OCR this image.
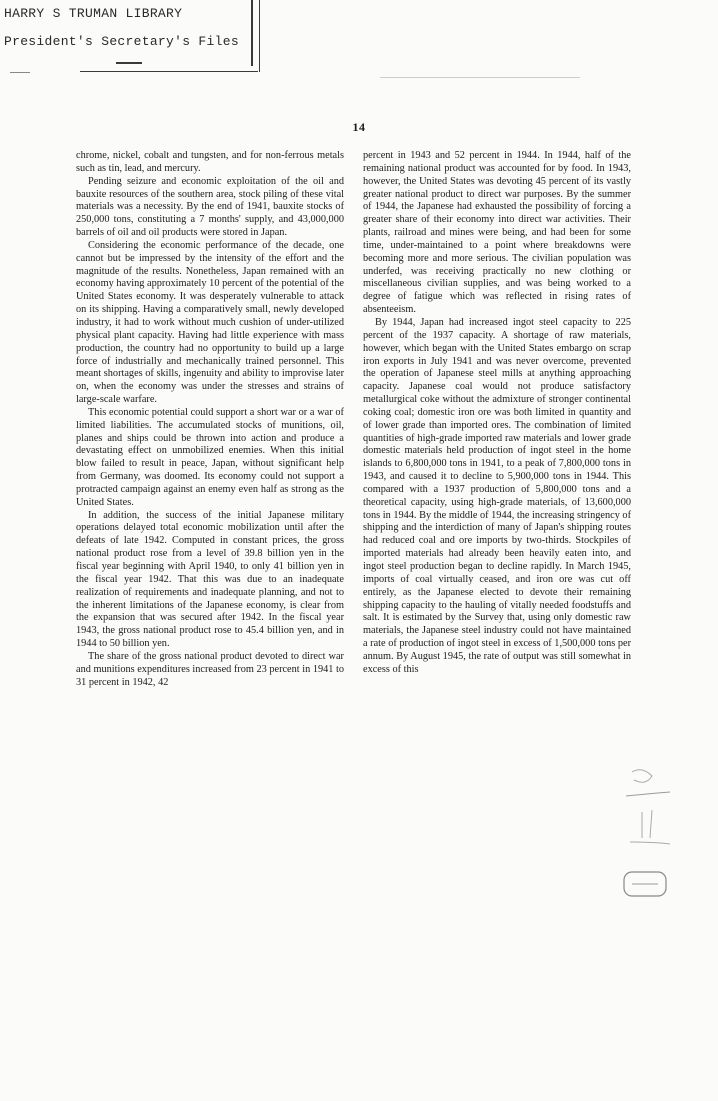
HARRY S TRUMAN LIBRARY
President's Secretary's Files
14

chrome, nickel, cobalt and tungsten, and for non-ferrous metals such as tin, lead, and mercury.

Pending seizure and economic exploitation of the oil and bauxite resources of the southern area, stock piling of these vital materials was a necessity. By the end of 1941, bauxite stocks of 250,000 tons, constituting a 7 months' supply, and 43,000,000 barrels of oil and oil products were stored in Japan.

Considering the economic performance of the decade, one cannot but be impressed by the intensity of the effort and the magnitude of the results. Nonetheless, Japan remained with an economy having approximately 10 percent of the potential of the United States economy. It was desperately vulnerable to attack on its shipping. Having a comparatively small, newly developed industry, it had to work without much cushion of under-utilized physical plant capacity. Having had little experience with mass production, the country had no opportunity to build up a large force of industrially and mechanically trained personnel. This meant shortages of skills, ingenuity and ability to improvise later on, when the economy was under the stresses and strains of large-scale warfare.

This economic potential could support a short war or a war of limited liabilities. The accumulated stocks of munitions, oil, planes and ships could be thrown into action and produce a devastating effect on unmobilized enemies. When this initial blow failed to result in peace, Japan, without significant help from Germany, was doomed. Its economy could not support a protracted campaign against an enemy even half as strong as the United States.

In addition, the success of the initial Japanese military operations delayed total economic mobilization until after the defeats of late 1942. Computed in constant prices, the gross national product rose from a level of 39.8 billion yen in the fiscal year beginning with April 1940, to only 41 billion yen in the fiscal year 1942. That this was due to an inadequate realization of requirements and inadequate planning, and not to the inherent limitations of the Japanese economy, is clear from the expansion that was secured after 1942. In the fiscal year 1943, the gross national product rose to 45.4 billion yen, and in 1944 to 50 billion yen.

The share of the gross national product devoted to direct war and munitions expenditures increased from 23 percent in 1941 to 31 percent in 1942, 42

percent in 1943 and 52 percent in 1944. In 1944, half of the remaining national product was accounted for by food. In 1943, however, the United States was devoting 45 percent of its vastly greater national product to direct war purposes. By the summer of 1944, the Japanese had exhausted the possibility of forcing a greater share of their economy into direct war activities. Their plants, railroad and mines were being, and had been for some time, under-maintained to a point where breakdowns were becoming more and more serious. The civilian population was underfed, was receiving practically no new clothing or miscellaneous civilian supplies, and was being worked to a degree of fatigue which was reflected in rising rates of absenteeism.

By 1944, Japan had increased ingot steel capacity to 225 percent of the 1937 capacity. A shortage of raw materials, however, which began with the United States embargo on scrap iron exports in July 1941 and was never overcome, prevented the operation of Japanese steel mills at anything approaching capacity. Japanese coal would not produce satisfactory metallurgical coke without the admixture of stronger continental coking coal; domestic iron ore was both limited in quantity and of lower grade than imported ores. The combination of limited quantities of high-grade imported raw materials and lower grade domestic materials held production of ingot steel in the home islands to 6,800,000 tons in 1941, to a peak of 7,800,000 tons in 1943, and caused it to decline to 5,900,000 tons in 1944. This compared with a 1937 production of 5,800,000 tons and a theoretical capacity, using high-grade materials, of 13,600,000 tons in 1944. By the middle of 1944, the increasing stringency of shipping and the interdiction of many of Japan's shipping routes had reduced coal and ore imports by two-thirds. Stockpiles of imported materials had already been heavily eaten into, and ingot steel production began to decline rapidly. In March 1945, imports of coal virtually ceased, and iron ore was cut off entirely, as the Japanese elected to devote their remaining shipping capacity to the hauling of vitally needed foodstuffs and salt. It is estimated by the Survey that, using only domestic raw materials, the Japanese steel industry could not have maintained a rate of production of ingot steel in excess of 1,500,000 tons per annum. By August 1945, the rate of output was still somewhat in excess of this
